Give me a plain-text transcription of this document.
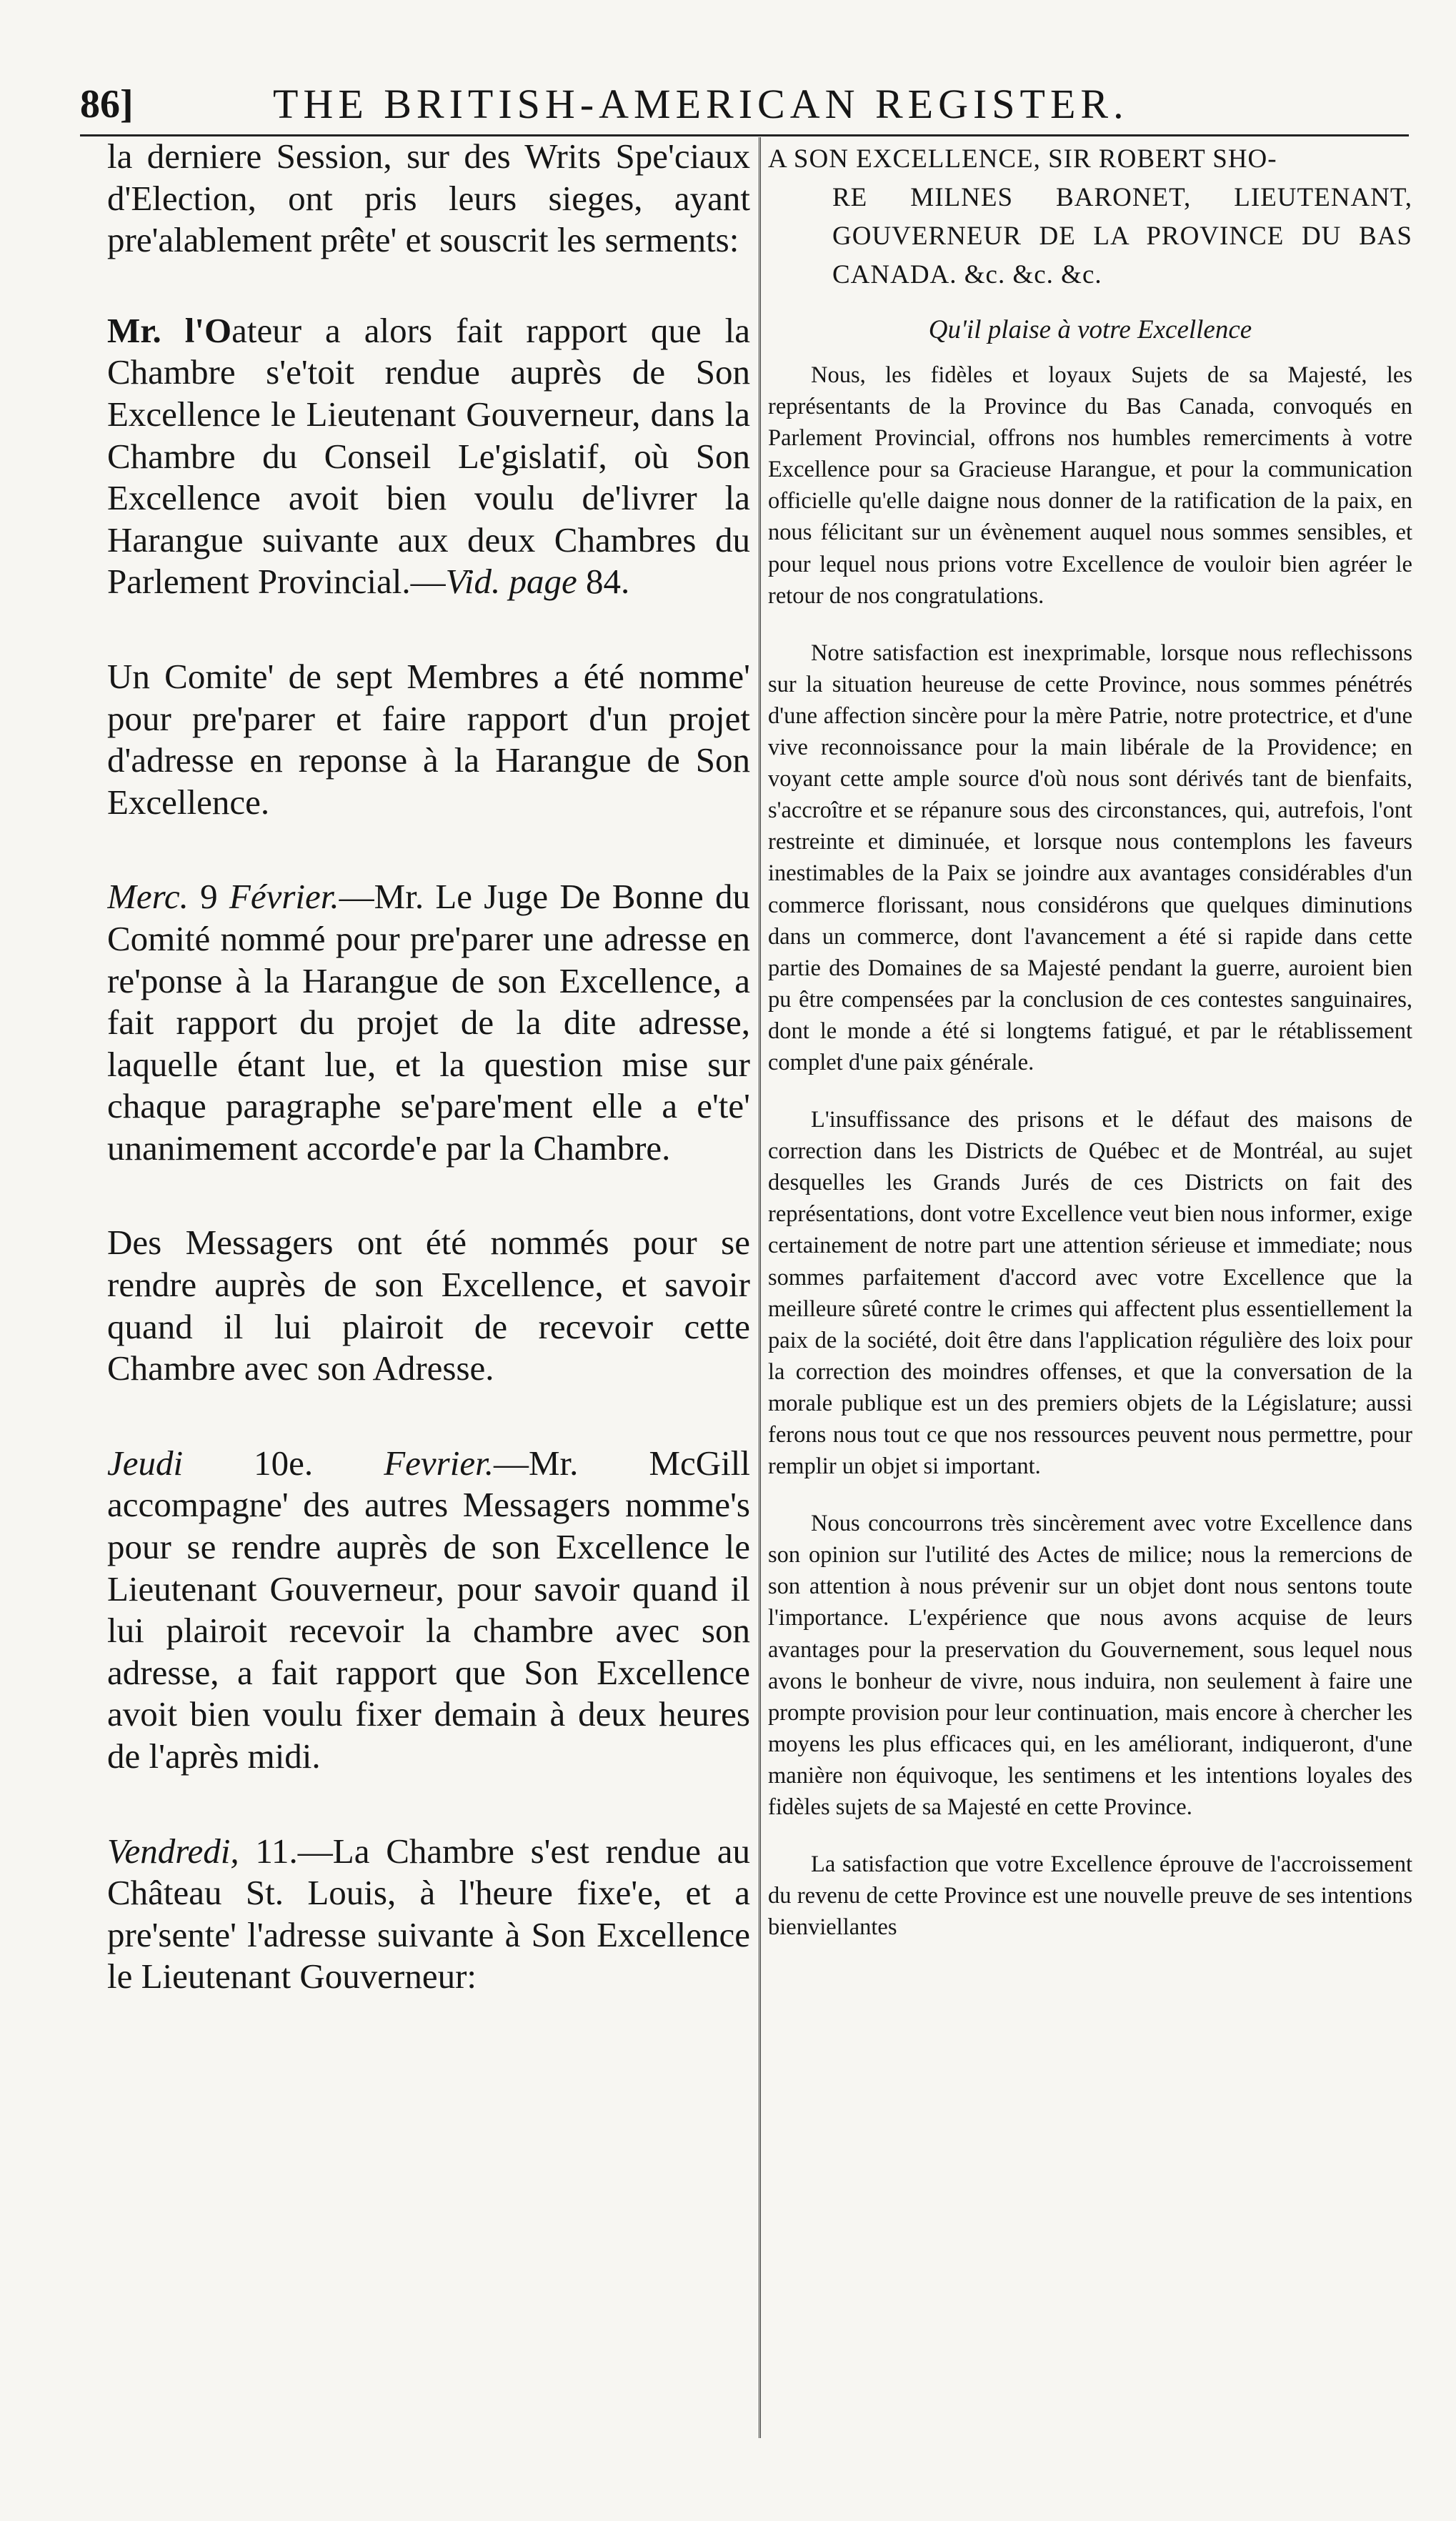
86]	THE BRITISH-AMERICAN REGISTER.

la derniere Session, sur des Writs Spe'ciaux d'Election, ont pris leurs sieges, ayant pre'alablement prête' et souscrit les serments:

Mr. l'Oateur a alors fait rapport que la Chambre s'e'toit rendue auprès de Son Excellence le Lieutenant Gouverneur, dans la Chambre du Conseil Le'gislatif, où Son Excellence avoit bien voulu de'livrer la Harangue suivante aux deux Chambres du Parlement Provincial.—Vid. page 84.

Un Comite' de sept Membres a été nomme' pour pre'parer et faire rapport d'un projet d'adresse en reponse à la Harangue de Son Excellence.

Merc. 9 Février.—Mr. Le Juge De Bonne du Comité nommé pour pre'parer une adresse en re'ponse à la Harangue de son Excellence, a fait rapport du projet de la dite adresse, laquelle étant lue, et la question mise sur chaque paragraphe se'pare'ment elle a e'te' unanimement accorde'e par la Chambre.

Des Messagers ont été nommés pour se rendre auprès de son Excellence, et savoir quand il lui plairoit de recevoir cette Chambre avec son Adresse.

Jeudi 10e. Fevrier.—Mr. McGill accompagne' des autres Messagers nomme's pour se rendre auprès de son Excellence le Lieutenant Gouverneur, pour savoir quand il lui plairoit recevoir la chambre avec son adresse, a fait rapport que Son Excellence avoit bien voulu fixer demain à deux heures de l'après midi.

Vendredi, 11.—La Chambre s'est rendue au Château St. Louis, à l'heure fixe'e, et a pre'sente' l'adresse suivante à Son Excellence le Lieutenant Gouverneur:

A SON EXCELLENCE, SIR ROBERT SHO-
RE MILNES BARONET, LIEUTENANT, GOUVERNEUR DE LA PROVINCE DU BAS CANADA. &c. &c. &c.
Qu'il plaise à votre Excellence

Nous, les fidèles et loyaux Sujets de sa Majesté, les représentants de la Province du Bas Canada, convoqués en Parlement Provincial, offrons nos humbles remerciments à votre Excellence pour sa Gracieuse Harangue, et pour la communication officielle qu'elle daigne nous donner de la ratification de la paix, en nous félicitant sur un évènement auquel nous sommes sensibles, et pour lequel nous prions votre Excellence de vouloir bien agréer le retour de nos congratulations.

Notre satisfaction est inexprimable, lorsque nous reflechissons sur la situation heureuse de cette Province, nous sommes pénétrés d'une affection sincère pour la mère Patrie, notre protectrice, et d'une vive reconnoissance pour la main libérale de la Providence; en voyant cette ample source d'où nous sont dérivés tant de bienfaits, s'accroître et se répanure sous des circonstances, qui, autrefois, l'ont restreinte et diminuée, et lorsque nous contemplons les faveurs inestimables de la Paix se joindre aux avantages considérables d'un commerce florissant, nous considérons que quelques diminutions dans un commerce, dont l'avancement a été si rapide dans cette partie des Domaines de sa Majesté pendant la guerre, auroient bien pu être compensées par la conclusion de ces contestes sanguinaires, dont le monde a été si longtems fatigué, et par le rétablissement complet d'une paix générale.

L'insuffissance des prisons et le défaut des maisons de correction dans les Districts de Québec et de Montréal, au sujet desquelles les Grands Jurés de ces Districts on fait des représentations, dont votre Excellence veut bien nous informer, exige certainement de notre part une attention sérieuse et immediate; nous sommes parfaitement d'accord avec votre Excellence que la meilleure sûreté contre le crimes qui affectent plus essentiellement la paix de la société, doit être dans l'application régulière des loix pour la correction des moindres offenses, et que la conversation de la morale publique est un des premiers objets de la Législature; aussi ferons nous tout ce que nos ressources peuvent nous permettre, pour remplir un objet si important.

Nous concourrons très sincèrement avec votre Excellence dans son opinion sur l'utilité des Actes de milice; nous la remercions de son attention à nous prévenir sur un objet dont nous sentons toute l'importance. L'expérience que nous avons acquise de leurs avantages pour la preservation du Gouvernement, sous lequel nous avons le bonheur de vivre, nous induira, non seulement à faire une prompte provision pour leur continuation, mais encore à chercher les moyens les plus efficaces qui, en les améliorant, indiqueront, d'une manière non équivoque, les sentimens et les intentions loyales des fidèles sujets de sa Majesté en cette Province.

La satisfaction que votre Excellence éprouve de l'accroissement du revenu de cette Province est une nouvelle preuve de ses intentions bienviellantes
